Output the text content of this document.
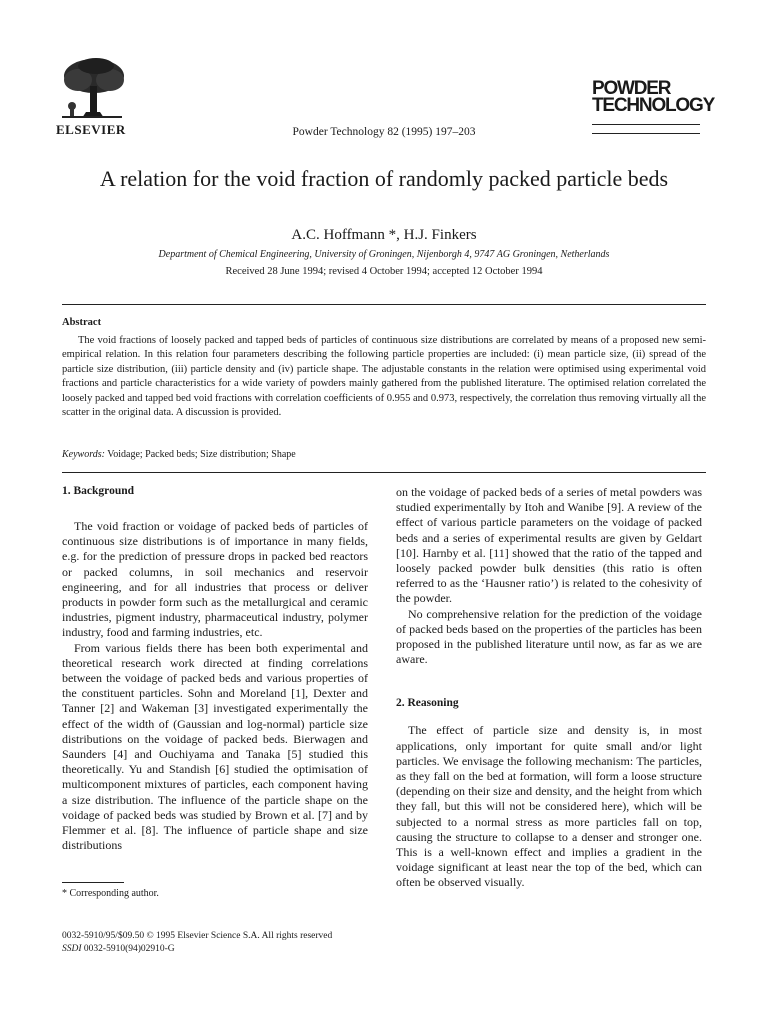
ELSEVIER	Powder Technology 82 (1995) 197–203
POWDER
TECHNOLOGY
A relation for the void fraction of randomly packed particle beds
A.C. Hoffmann *, H.J. Finkers
Department of Chemical Engineering, University of Groningen, Nijenborgh 4, 9747 AG Groningen, Netherlands
Received 28 June 1994; revised 4 October 1994; accepted 12 October 1994
Abstract

The void fractions of loosely packed and tapped beds of particles of continuous size distributions are correlated by means of a proposed new semi-empirical relation. In this relation four parameters describing the following particle properties are included: (i) mean particle size, (ii) spread of the particle size distribution, (iii) particle density and (iv) particle shape. The adjustable constants in the relation were optimised using experimental void fractions and particle characteristics for a wide variety of powders mainly gathered from the published literature. The optimised relation correlated the loosely packed and tapped bed void fractions with correlation coefficients of 0.955 and 0.973, respectively, the correlation thus removing virtually all the scatter in the original data. A discussion is provided.

Keywords: Voidage; Packed beds; Size distribution; Shape

1. Background

The void fraction or voidage of packed beds of particles of continuous size distributions is of importance in many fields, e.g. for the prediction of pressure drops in packed bed reactors or packed columns, in soil mechanics and reservoir engineering, and for all industries that process or deliver products in powder form such as the metallurgical and ceramic industries, pigment industry, pharmaceutical industry, polymer industry, food and farming industries, etc.

From various fields there has been both experimental and theoretical research work directed at finding correlations between the voidage of packed beds and various properties of the constituent particles. Sohn and Moreland [1], Dexter and Tanner [2] and Wakeman [3] investigated experimentally the effect of the width of (Gaussian and log-normal) particle size distributions on the voidage of packed beds. Bierwagen and Saunders [4] and Ouchiyama and Tanaka [5] studied this theoretically. Yu and Standish [6] studied the optimisation of multicomponent mixtures of particles, each component having a size distribution. The influence of the particle shape on the voidage of packed beds was studied by Brown et al. [7] and by Flemmer et al. [8]. The influence of particle shape and size distributions

on the voidage of packed beds of a series of metal powders was studied experimentally by Itoh and Wanibe [9]. A review of the effect of various particle parameters on the voidage of packed beds and a series of experimental results are given by Geldart [10]. Harnby et al. [11] showed that the ratio of the tapped and loosely packed powder bulk densities (this ratio is often referred to as the ‘Hausner ratio’) is related to the cohesivity of the powder.

No comprehensive relation for the prediction of the voidage of packed beds based on the properties of the particles has been proposed in the published literature until now, as far as we are aware.

2. Reasoning

The effect of particle size and density is, in most applications, only important for quite small and/or light particles. We envisage the following mechanism: The particles, as they fall on the bed at formation, will form a loose structure (depending on their size and density, and the height from which they fall, but this will not be considered here), which will be subjected to a normal stress as more particles fall on top, causing the structure to collapse to a denser and stronger one. This is a well-known effect and implies a gradient in the voidage significant at least near the top of the bed, which can often be observed visually.

* Corresponding author.
0032-5910/95/$09.50 © 1995 Elsevier Science S.A. All rights reserved
SSDI 0032-5910(94)02910-G
